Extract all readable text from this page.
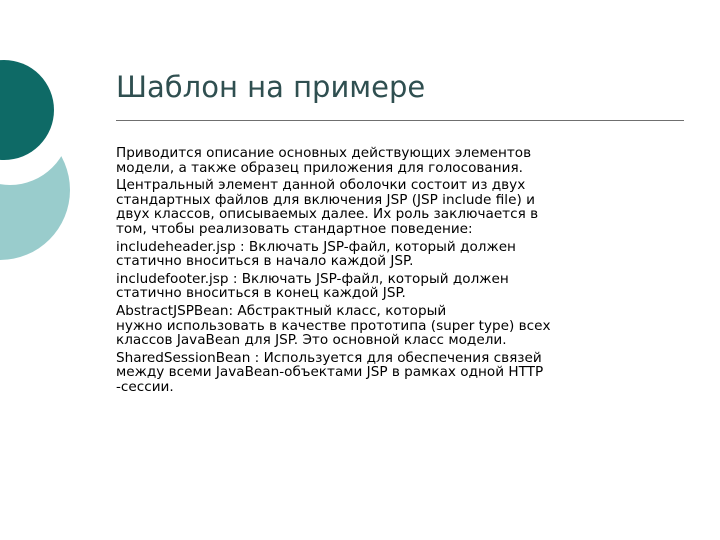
Шаблон на примере

Приводится описание основных действующих элементов
модели, а также образец приложения для голосования.

Центральный элемент данной оболочки состоит из двух
стандартных файлов для включения JSP (JSP include file) и
двух классов, описываемых далее. Их роль заключается в
том, чтобы реализовать стандартное поведение:

includeheader.jsp : Включать JSP-файл, который должен
статично вноситься в начало каждой JSP.

includefooter.jsp : Включать JSP-файл, который должен
статично вноситься в конец каждой JSP.

AbstractJSPBean: Абстрактный класс, который
нужно использовать в качестве прототипа (super type) всех
классов JavaBean для JSP. Это основной класс модели.

SharedSessionBean : Используется для обеспечения связей
между всеми JavaBean-объектами JSP в рамках одной HTTP
-сессии.
